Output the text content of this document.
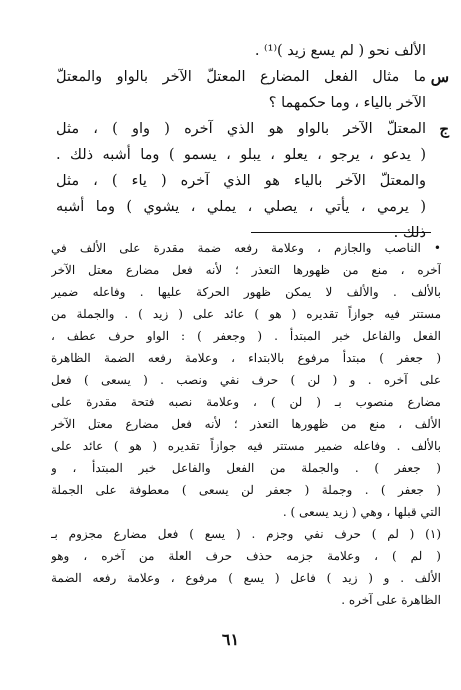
الألف نحو ( لم يسع زيد )⁽¹⁾ .
س
ما مثال الفعل المضارع المعتلّ الآخر بالواو والمعتلّ
الآخر بالياء ، وما حكمهما ؟
ج
المعتلّ الآخر بالواو هو الذي آخره ( واو ) ، مثل
( يدعو ، يرجو ، يعلو ، يبلو ، يسمو ) وما أشبه ذلك .
والمعتلّ الآخر بالياء هو الذي آخره ( ياء ) ، مثل
( يرمي ، يأتي ، يصلي ، يملي ، يشوي ) وما أشبه
ذلك .
• الناصب والجازم ، وعلامة رفعه ضمة مقدرة على الألف في
آخره ، منع من ظهورها التعذر ؛ لأنه فعل مضارع معتل الآخر
بالألف . والألف لا يمكن ظهور الحركة عليها . وفاعله ضمير
مستتر فيه جوازاً تقديره ( هو ) عائد على ( زيد ) . والجملة من
الفعل والفاعل خبر المبتدأ . ( وجعفر ) : الواو حرف عطف ،
( جعفر ) مبتدأ مرفوع بالابتداء ، وعلامة رفعه الضمة الظاهرة
على آخره . و ( لن ) حرف نفي ونصب . ( يسعى ) فعل
مضارع منصوب بـ ( لن ) ، وعلامة نصبه فتحة مقدرة على
الألف ، منع من ظهورها التعذر ؛ لأنه فعل مضارع معتل الآخر
بالألف . وفاعله ضمير مستتر فيه جوازاً تقديره ( هو ) عائد على
( جعفر ) . والجملة من الفعل والفاعل خبر المبتدأ ، و
( جعفر ) . وجملة ( جعفر لن يسعى ) معطوفة على الجملة
التي قبلها ، وهي ( زيد يسعى ) .
(١) ( لم ) حرف نفي وجزم . ( يسع ) فعل مضارع مجزوم بـ
( لم ) ، وعلامة جزمه حذف حرف العلة من آخره ، وهو
الألف . و ( زيد ) فاعل ( يسع ) مرفوع ، وعلامة رفعه الضمة
الظاهرة على آخره .
٦١
